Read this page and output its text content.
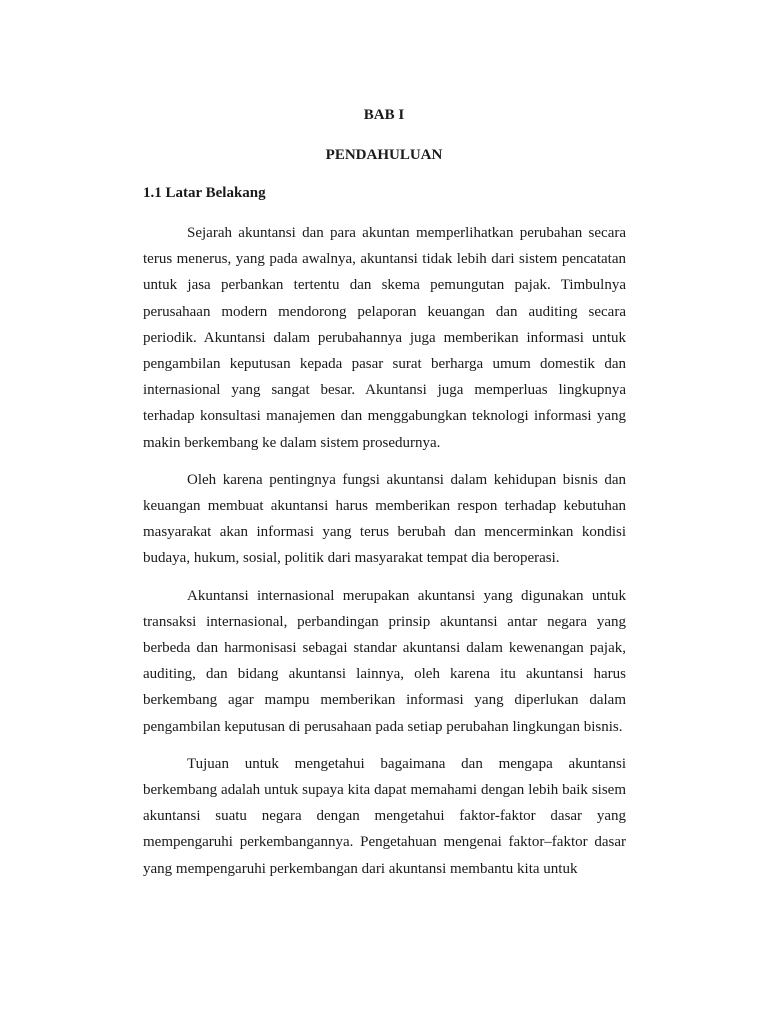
BAB I
PENDAHULUAN
1.1 Latar Belakang

Sejarah akuntansi dan para akuntan memperlihatkan perubahan secara terus menerus, yang pada awalnya, akuntansi tidak lebih dari sistem pencatatan untuk jasa perbankan tertentu dan skema pemungutan pajak. Timbulnya perusahaan modern mendorong pelaporan keuangan dan auditing secara periodik. Akuntansi dalam perubahannya juga memberikan informasi untuk pengambilan keputusan kepada pasar surat berharga umum domestik dan internasional yang sangat besar. Akuntansi juga memperluas lingkupnya terhadap konsultasi manajemen dan menggabungkan teknologi informasi yang makin berkembang ke dalam sistem prosedurnya.

Oleh karena pentingnya fungsi akuntansi dalam kehidupan bisnis dan keuangan membuat akuntansi harus memberikan respon terhadap kebutuhan masyarakat akan informasi yang terus berubah dan mencerminkan kondisi budaya, hukum, sosial, politik dari masyarakat tempat dia beroperasi.

Akuntansi internasional merupakan akuntansi yang digunakan untuk transaksi internasional, perbandingan prinsip akuntansi antar negara yang berbeda dan harmonisasi sebagai standar akuntansi dalam kewenangan pajak, auditing, dan bidang akuntansi lainnya, oleh karena itu akuntansi harus berkembang agar mampu memberikan informasi yang diperlukan dalam pengambilan keputusan di perusahaan pada setiap perubahan lingkungan bisnis.

Tujuan untuk mengetahui bagaimana dan mengapa akuntansi berkembang adalah untuk supaya kita dapat memahami dengan lebih baik sisem akuntansi suatu negara dengan mengetahui faktor-faktor dasar yang mempengaruhi perkembangannya. Pengetahuan mengenai faktor–faktor dasar yang mempengaruhi perkembangan dari akuntansi membantu kita untuk
